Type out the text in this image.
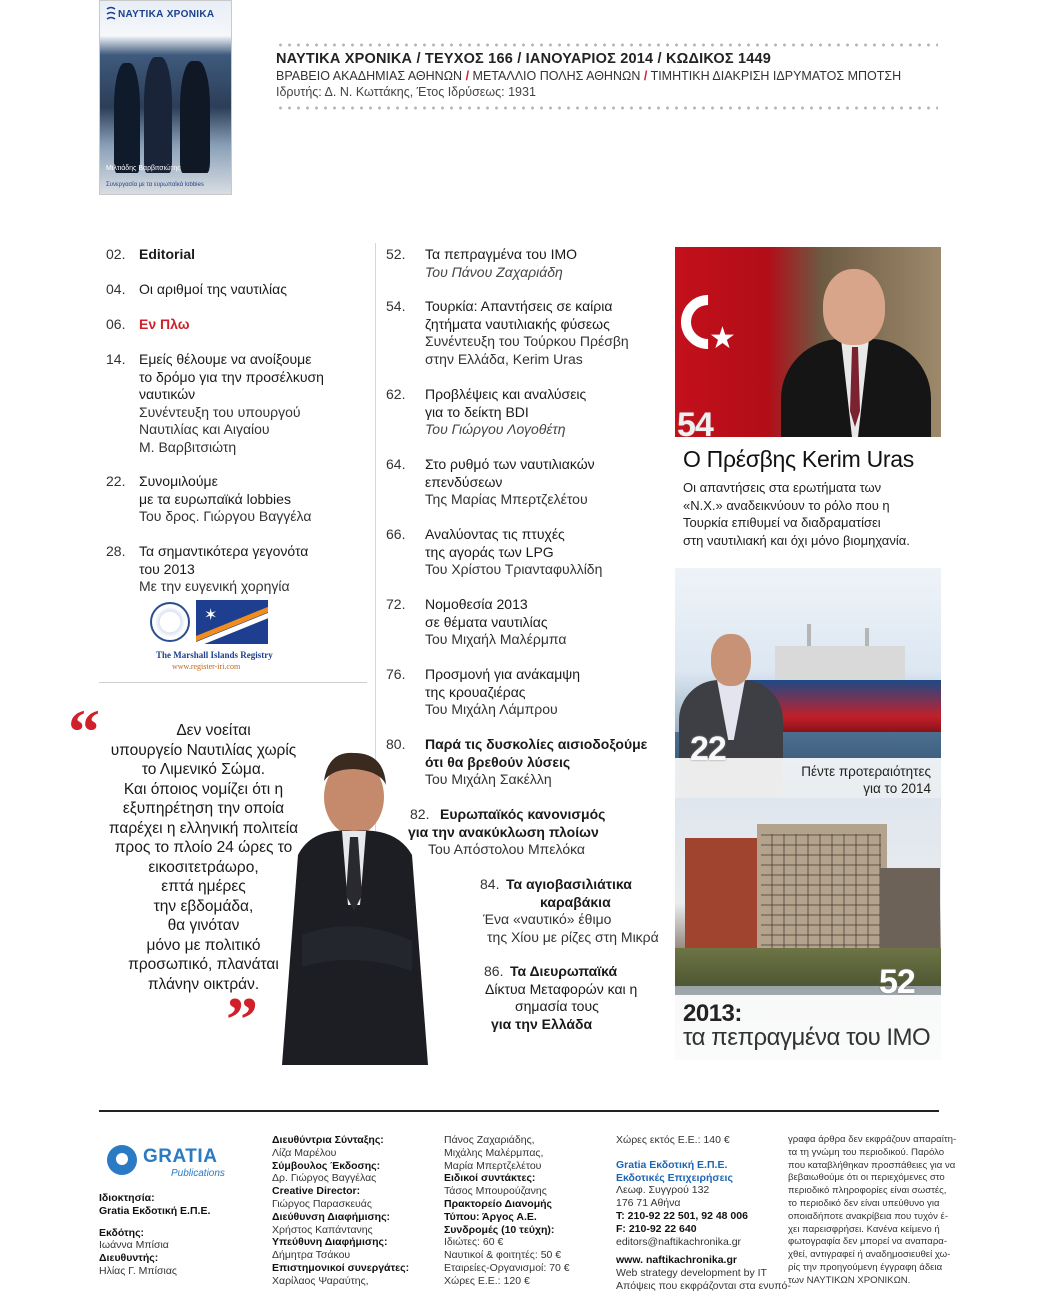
ΝΑΥΤΙΚΑ ΧΡΟΝΙΚΑ
Μιλτιάδης Βαρβιτσιώτης
Συνεργασία με τα ευρωπαϊκά lobbies
ΝΑΥΤΙΚΑ ΧΡΟΝΙΚΑ / ΤΕΥΧΟΣ 166 / ΙΑΝΟΥΑΡΙΟΣ 2014 / ΚΩΔΙΚΟΣ 1449
ΒΡΑΒΕΙΟ ΑΚΑΔΗΜΙΑΣ ΑΘΗΝΩΝ / ΜΕΤΑΛΛΙΟ ΠΟΛΗΣ ΑΘΗΝΩΝ / ΤΙΜΗΤΙΚΗ ΔΙΑΚΡΙΣΗ ΙΔΡΥΜΑΤΟΣ ΜΠΟΤΣΗ
Ιδρυτής: Δ. Ν. Κωττάκης, Έτος Ιδρύσεως: 1931
02. Editorial
04. Οι αριθμοί της ναυτιλίας
06. Εν Πλω
14. Εμείς θέλουμε να ανοίξουμε
το δρόμο για την προσέλκυση
ναυτικών
Συνέντευξη του υπουργού
Ναυτιλίας και Αιγαίου
Μ. Βαρβιτσιώτη
22. Συνομιλούμε
με τα ευρωπαϊκά lobbies
Του δρος. Γιώργου Βαγγέλα
28. Τα σημαντικότερα γεγονότα
του 2013
Με την ευγενική χορηγία
✶
The Marshall Islands Registry
www.register-iri.com
“	Δεν νοείται
υπουργείο Ναυτιλίας χωρίς
το Λιμενικό Σώμα.
Και όποιος νομίζει ότι η
εξυπηρέτηση την οποία
παρέχει η ελληνική πολιτεία
προς το πλοίο 24 ώρες το
εικοσιτετράωρο,
επτά ημέρες
την εβδομάδα,
θα γινόταν
μόνο με πολιτικό
προσωπικό, πλανάται
πλάνην οικτράν.
”
52. Τα πεπραγμένα του ΙΜΟ
Του Πάνου Ζαχαριάδη
54. Τουρκία: Απαντήσεις σε καίρια
ζητήματα ναυτιλιακής φύσεως
Συνέντευξη του Τούρκου Πρέσβη
στην Ελλάδα, Kerim Uras
62. Προβλέψεις και αναλύσεις
για το δείκτη BDI
Του Γιώργου Λογοθέτη
64. Στο ρυθμό των ναυτιλιακών
επενδύσεων
Της Μαρίας Μπερτζελέτου
66. Αναλύοντας τις πτυχές
της αγοράς των LPG
Του Χρίστου Τριανταφυλλίδη
72. Νομοθεσία 2013
σε θέματα ναυτιλίας
Του Μιχαήλ Μαλέρμπα
76. Προσμονή για ανάκαμψη
της κρουαζιέρας
Του Μιχάλη Λάμπρου
80. Παρά τις δυσκολίες αισιοδοξούμε
ότι θα βρεθούν λύσεις
Του Μιχάλη Σακέλλη
82. Ευρωπαϊκός κανονισμός
για την ανακύκλωση πλοίων
Του Απόστολου Μπελόκα
84. Τα αγιοβασιλιάτικα
καραβάκια
Ένα «ναυτικό» έθιμο
της Χίου με ρίζες στη Μικρά
86. Τα Διευρωπαϊκά
Δίκτυα Μεταφορών και η
σημασία τους
για την Ελλάδα
★
54
Ο Πρέσβης Kerim Uras
Οι απαντήσεις στα ερωτήματα των
«Ν.Χ.» αναδεικνύουν το ρόλο που η
Τουρκία επιθυμεί να διαδραματίσει
στη ναυτιλιακή και όχι μόνο βιομηχανία.
22
Πέντε προτεραιότητες
για το 2014
52
2013:
τα πεπραγμένα του ΙΜΟ
GRATIA
Publications
Ιδιοκτησία:
Gratia Εκδοτική Ε.Π.Ε.
Εκδότης:
Ιωάννα Μπίσια
Διευθυντής:
Ηλίας Γ. Μπίσιας
Διευθύντρια Σύνταξης:
Λίζα Μαρέλου
Σύμβουλος Έκδοσης:
Δρ. Γιώργος Βαγγέλας
Creative Director:
Γιώργος Παρασκευάς
Διεύθυνση Διαφήμισης:
Χρήστος Καπάντανης
Υπεύθυνη Διαφήμισης:
Δήμητρα Τσάκου
Επιστημονικοί συνεργάτες:
Χαρίλαος Ψαραύτης,
Πάνος Ζαχαριάδης,
Μιχάλης Μαλέρμπας,
Μαρία Μπερτζελέτου
Ειδικοί συντάκτες:
Τάσος Μπουρούζανης
Πρακτορείο Διανομής
Τύπου: Άργος Α.Ε.
Συνδρομές (10 τεύχη):
Ιδιώτες: 60 €
Ναυτικοί & φοιτητές: 50 €
Εταιρείες-Οργανισμοί: 70 €
Χώρες Ε.Ε.: 120 €
Χώρες εκτός Ε.Ε.: 140 €
Gratia Εκδοτική Ε.Π.Ε.
Εκδοτικές Επιχειρήσεις
Λεωφ. Συγγρού 132
176 71 Αθήνα
T: 210-92 22 501, 92 48 006
F: 210-92 22 640
editors@naftikachronika.gr
www. naftikachronika.gr
Web strategy development by IT
Απόψεις που εκφράζονται στα ενυπό-
γραφα άρθρα δεν εκφράζουν απαραίτη-
τα τη γνώμη του περιοδικού. Παρόλο
που καταβλήθηκαν προσπάθειες για να
βεβαιωθούμε ότι οι περιεχόμενες στο
περιοδικό πληροφορίες είναι σωστές,
το περιοδικό δεν είναι υπεύθυνο για
οποιαδήποτε ανακρίβεια που τυχόν έ-
χει παρεισφρήσει. Κανένα κείμενο ή
φωτογραφία δεν μπορεί να αναπαρα-
χθεί, αντιγραφεί ή αναδημοσιευθεί χω-
ρίς την προηγούμενη έγγραφη άδεια
των ΝΑΥΤΙΚΩΝ ΧΡΟΝΙΚΩΝ.
